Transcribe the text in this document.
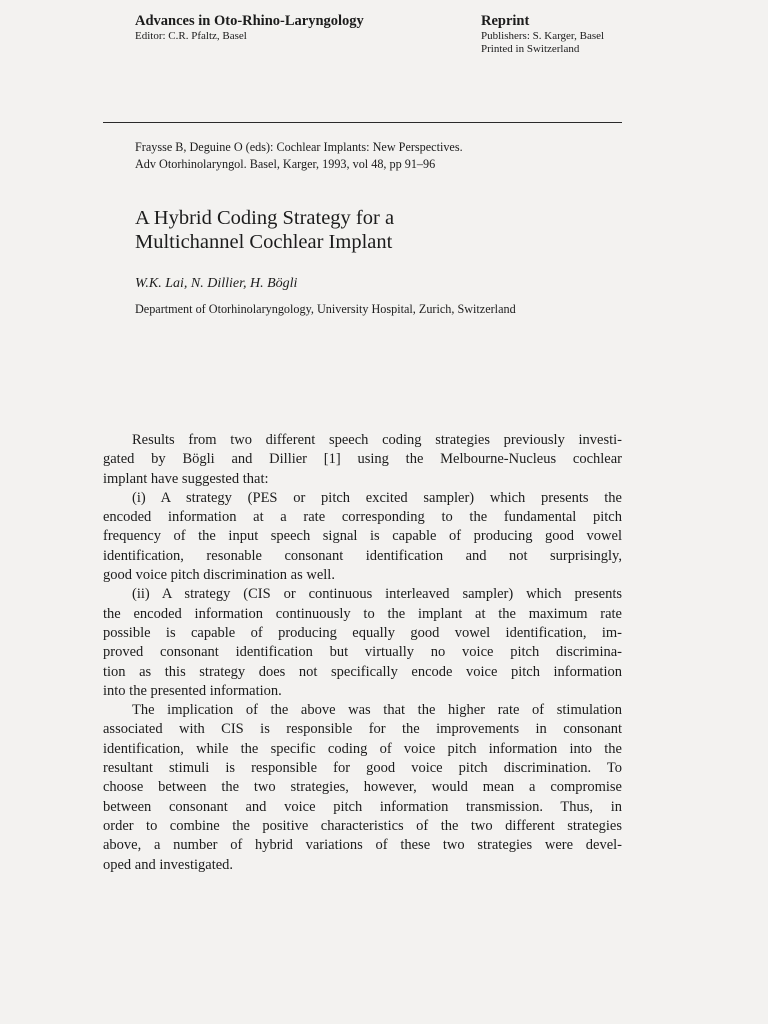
Advances in Oto-Rhino-Laryngology
Editor: C.R. Pfaltz, Basel
Reprint
Publishers: S. Karger, Basel
Printed in Switzerland
Fraysse B, Deguine O (eds): Cochlear Implants: New Perspectives.
Adv Otorhinolaryngol. Basel, Karger, 1993, vol 48, pp 91–96
A Hybrid Coding Strategy for a
Multichannel Cochlear Implant
W.K. Lai, N. Dillier, H. Bögli
Department of Otorhinolaryngology, University Hospital, Zurich, Switzerland
Results from two different speech coding strategies previously investi-
gated by Bögli and Dillier [1] using the Melbourne-Nucleus cochlear
implant have suggested that:
(i) A strategy (PES or pitch excited sampler) which presents the
encoded information at a rate corresponding to the fundamental pitch
frequency of the input speech signal is capable of producing good vowel
identification, resonable consonant identification and not surprisingly,
good voice pitch discrimination as well.
(ii) A strategy (CIS or continuous interleaved sampler) which presents
the encoded information continuously to the implant at the maximum rate
possible is capable of producing equally good vowel identification, im-
proved consonant identification but virtually no voice pitch discrimina-
tion as this strategy does not specifically encode voice pitch information
into the presented information.
The implication of the above was that the higher rate of stimulation
associated with CIS is responsible for the improvements in consonant
identification, while the specific coding of voice pitch information into the
resultant stimuli is responsible for good voice pitch discrimination. To
choose between the two strategies, however, would mean a compromise
between consonant and voice pitch information transmission. Thus, in
order to combine the positive characteristics of the two different strategies
above, a number of hybrid variations of these two strategies were devel-
oped and investigated.
